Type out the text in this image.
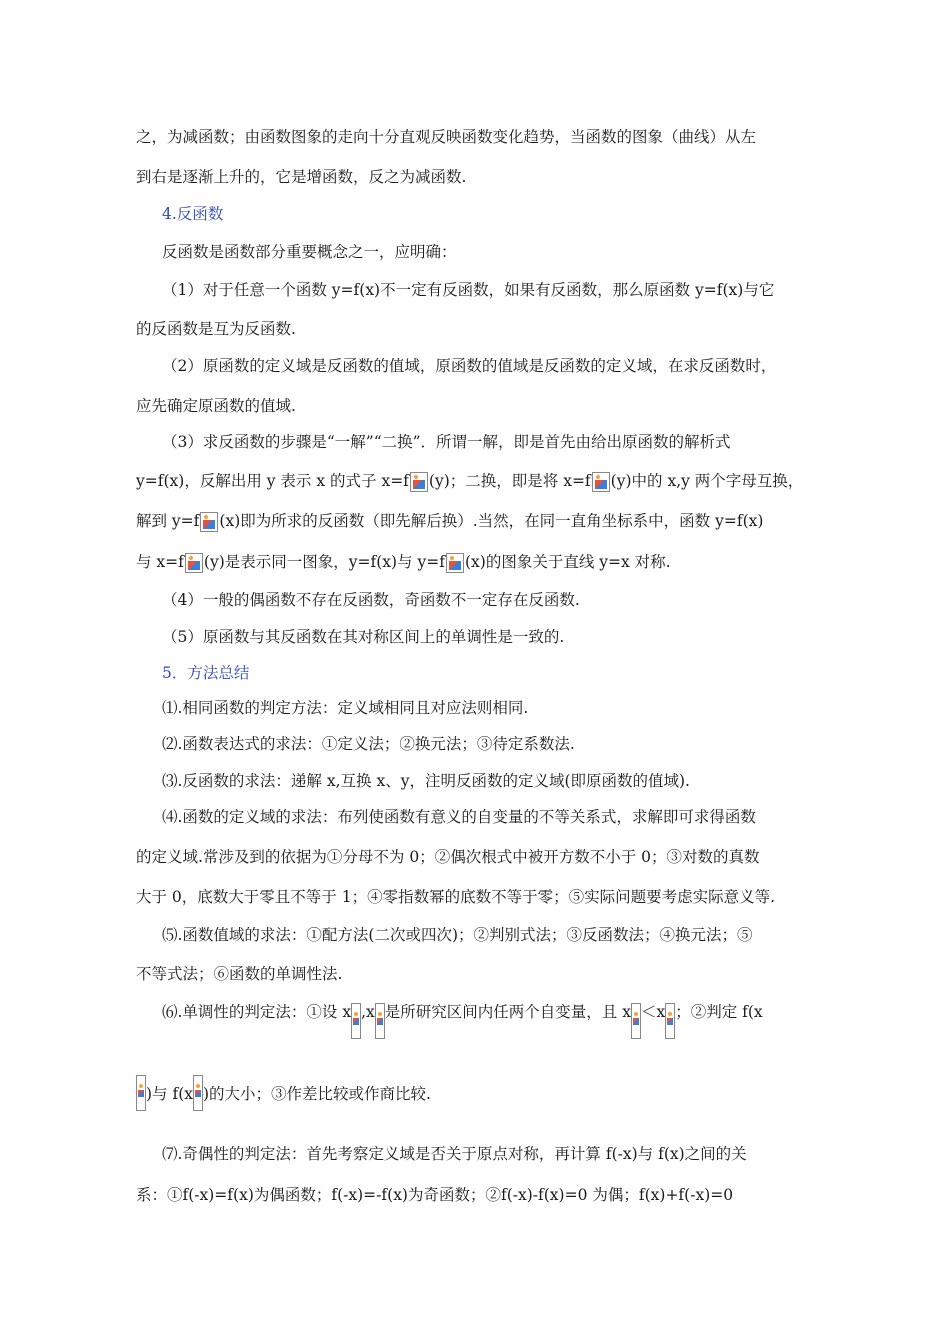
之，为减函数；由函数图象的走向十分直观反映函数变化趋势，当函数的图象（曲线）从左
到右是逐渐上升的，它是增函数，反之为减函数.
4.反函数
反函数是函数部分重要概念之一，应明确：
（1）对于任意一个函数 y=f(x)不一定有反函数，如果有反函数，那么原函数 y=f(x)与它
的反函数是互为反函数.
（2）原函数的定义域是反函数的值域，原函数的值域是反函数的定义域，在求反函数时，
应先确定原函数的值域.
（3）求反函数的步骤是“一解”“二换”．所谓一解，即是首先由给出原函数的解析式
y=f(x)，反解出用 y 表示 x 的式子 x=f (y)；二换，即是将 x=f (y)中的 x,y 两个字母互换，
解到 y=f (x)即为所求的反函数（即先解后换）.当然，在同一直角坐标系中，函数 y=f(x)
与 x=f (y)是表示同一图象，y=f(x)与 y=f (x)的图象关于直线 y=x 对称.
（4）一般的偶函数不存在反函数，奇函数不一定存在反函数.
（5）原函数与其反函数在其对称区间上的单调性是一致的.
5．方法总结
⑴.相同函数的判定方法：定义域相同且对应法则相同.
⑵.函数表达式的求法：①定义法；②换元法；③待定系数法.
⑶.反函数的求法：递解 x,互换 x、y，注明反函数的定义域(即原函数的值域).
⑷.函数的定义域的求法：布列使函数有意义的自变量的不等关系式，求解即可求得函数
的定义域.常涉及到的依据为①分母不为 0；②偶次根式中被开方数不小于 0；③对数的真数
大于 0，底数大于零且不等于 1；④零指数幂的底数不等于零；⑤实际问题要考虑实际意义等.
⑸.函数值域的求法：①配方法(二次或四次)；②判别式法；③反函数法；④换元法；⑤
不等式法；⑥函数的单调性法.
⑹.单调性的判定法：①设 x ,x 是所研究区间内任两个自变量，且 x ＜x ；②判定 f(x
)与 f(x )的大小；③作差比较或作商比较.
⑺.奇偶性的判定法：首先考察定义域是否关于原点对称，再计算 f(-x)与 f(x)之间的关
系：①f(-x)=f(x)为偶函数；f(-x)=-f(x)为奇函数；②f(-x)-f(x)=0 为偶；f(x)+f(-x)=0
